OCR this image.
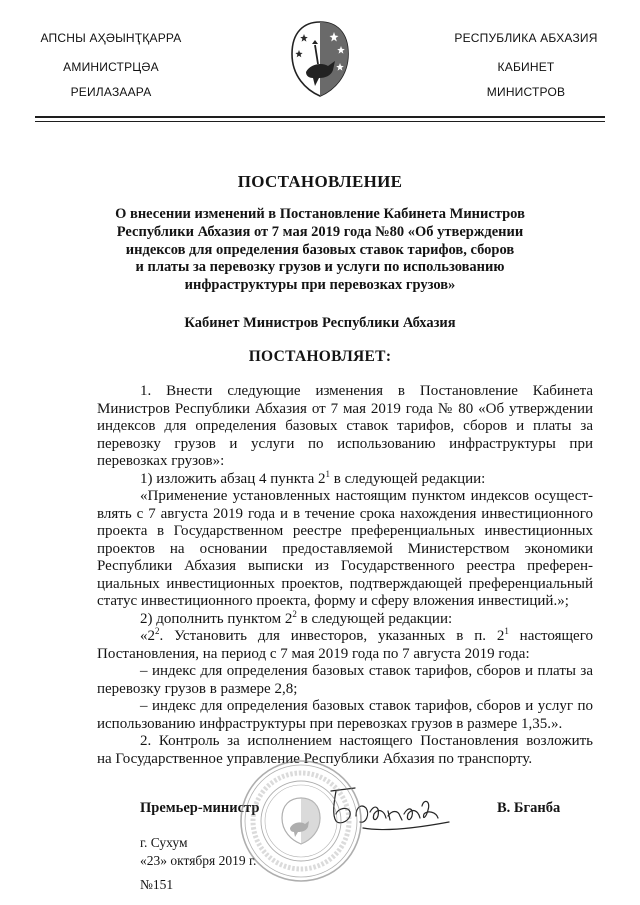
АПСНЫ АҲӘЫНҬҚАРРА
АМИНИСТРЦӘА
РЕИЛАЗААРА
РЕСПУБЛИКА АБХАЗИЯ
КАБИНЕТ
МИНИСТРОВ
ПОСТАНОВЛЕНИЕ
О внесении изменений в Постановление Кабинета Министров
Республики Абхазия от 7 мая 2019 года №80 «Об утверждении
индексов для определения базовых ставок тарифов, сборов
и платы за перевозку грузов и услуги по использованию
инфраструктуры при перевозках грузов»
Кабинет Министров Республики Абхазия
ПОСТАНОВЛЯЕТ:
1. Внести следующие изменения в Постановление Кабинета
Министров Республики Абхазия от 7 мая 2019 года № 80 «Об утверждении
индексов для определения базовых ставок тарифов, сборов и платы за
перевозку грузов и услуги по использованию инфраструктуры при
перевозках грузов»:
1) изложить абзац 4 пункта $2^1$ в следующей редакции:
«Применение установленных настоящим пунктом индексов осущест-
влять с 7 августа 2019 года и в течение срока нахождения инвестиционного
проекта в Государственном реестре преференциальных инвестиционных
проектов на основании предоставляемой Министерством экономики
Республики Абхазия выписки из Государственного реестра преферен-
циальных инвестиционных проектов, подтверждающей преференциальный
статус инвестиционного проекта, форму и сферу вложения инвестиций.»;
2) дополнить пунктом $2^2$ в следующей редакции:
«$2^2$. Установить для инвесторов, указанных в п. $2^1$ настоящего
Постановления, на период с 7 мая 2019 года по 7 августа 2019 года:
– индекс для определения базовых ставок тарифов, сборов и платы за
перевозку грузов в размере 2,8;
– индекс для определения базовых ставок тарифов, сборов и услуг по
использованию инфраструктуры при перевозках грузов в размере 1,35.».
2. Контроль за исполнением настоящего Постановления возложить
на Государственное управление Республики Абхазия по транспорту.
Премьер-министр	В. Бганба
г. Сухум
«23» октября 2019 г.
№151
